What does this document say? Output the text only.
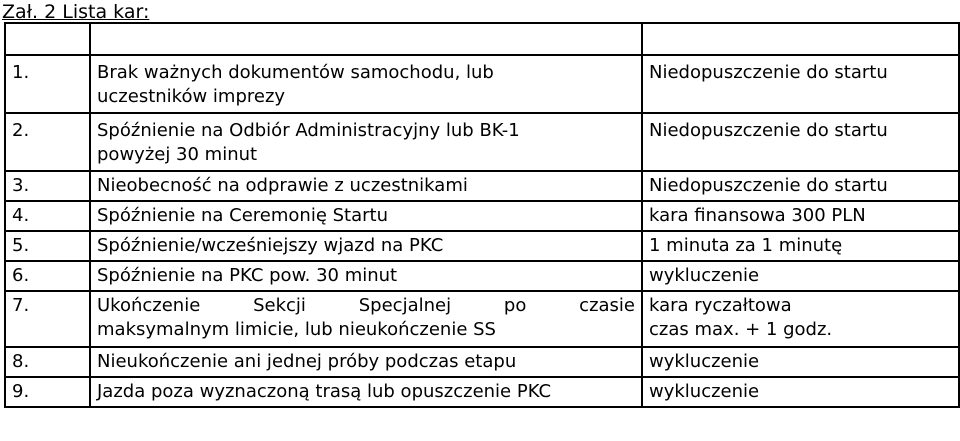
Zał. 2 Lista kar:

1.	Brak ważnych dokumentów samochodu, lub
uczestników imprezy	Niedopuszczenie do startu

2.	Spóźnienie na Odbiór Administracyjny lub BK-1
powyżej 30 minut	Niedopuszczenie do startu

3.	Nieobecność na odprawie z uczestnikami	Niedopuszczenie do startu

4.	Spóźnienie na Ceremonię Startu	kara finansowa 300 PLN

5.	Spóźnienie/wcześniejszy wjazd na PKC	1 minuta za 1 minutę

6.	Spóźnienie na PKC pow. 30 minut	wykluczenie

7.	Ukończenie Sekcji Specjalnej po czasie
maksymalnym limicie, lub nieukończenie SS	kara ryczałtowa
czas max. + 1 godz.

8.	Nieukończenie ani jednej próby podczas etapu	wykluczenie

9.	Jazda poza wyznaczoną trasą lub opuszczenie PKC	wykluczenie
